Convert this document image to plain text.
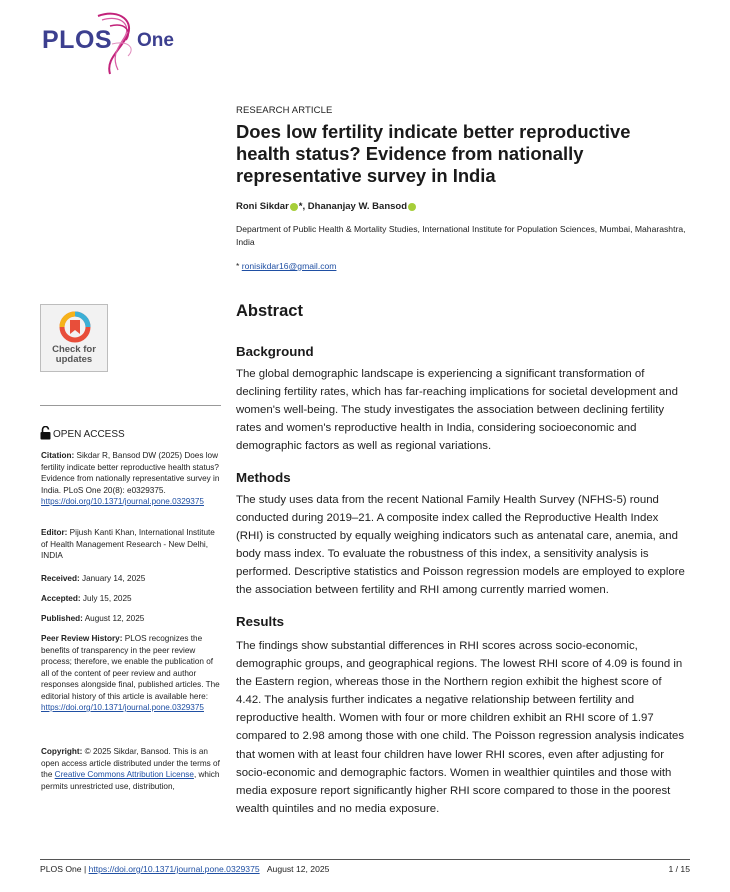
PLOS One
Check for
updates
OPEN ACCESS
Citation: Sikdar R, Bansod DW (2025) Does low fertility indicate better reproductive health status? Evidence from nationally representative survey in India. PLoS One 20(8): e0329375. https://doi.org/10.1371/journal.pone.0329375
Editor: Pijush Kanti Khan, International Institute of Health Management Research - New Delhi, INDIA
Received: January 14, 2025
Accepted: July 15, 2025
Published: August 12, 2025
Peer Review History: PLOS recognizes the benefits of transparency in the peer review process; therefore, we enable the publication of all of the content of peer review and author responses alongside final, published articles. The editorial history of this article is available here: https://doi.org/10.1371/journal.pone.0329375
Copyright: © 2025 Sikdar, Bansod. This is an open access article distributed under the terms of the Creative Commons Attribution License, which permits unrestricted use, distribution,
RESEARCH ARTICLE
Does low fertility indicate better reproductive health status? Evidence from nationally representative survey in India
Roni Sikdar *,
Dhananjay W. Bansod
Department of Public Health & Mortality Studies, International Institute for Population Sciences, Mumbai, Maharashtra, India
* ronisikdar16@gmail.com
Abstract
Background
The global demographic landscape is experiencing a significant transformation of declining fertility rates, which has far-reaching implications for societal development and women's well-being. The study investigates the association between declining fertility rates and women's reproductive health in India, considering socioeconomic and demographic factors as well as regional variations.
Methods
The study uses data from the recent National Family Health Survey (NFHS-5) round conducted during 2019–21. A composite index called the Reproductive Health Index (RHI) is constructed by equally weighing indicators such as antenatal care, anemia, and body mass index. To evaluate the robustness of this index, a sensitivity analysis is performed. Descriptive statistics and Poisson regression models are employed to explore the association between fertility and RHI among currently married women.
Results
The findings show substantial differences in RHI scores across socio-economic, demographic groups, and geographical regions. The lowest RHI score of 4.09 is found in the Eastern region, whereas those in the Northern region exhibit the highest score of 4.42. The analysis further indicates a negative relationship between fertility and reproductive health. Women with four or more children exhibit an RHI score of 1.97 compared to 2.98 among those with one child. The Poisson regression analysis indicates that women with at least four children have lower RHI scores, even after adjusting for socio-economic and demographic factors. Women in wealthier quintiles and those with media exposure report significantly higher RHI score compared to those in the poorest wealth quintiles and no media exposure.
PLOS One | https://doi.org/10.1371/journal.pone.0329375 August 12, 2025	1 / 15
